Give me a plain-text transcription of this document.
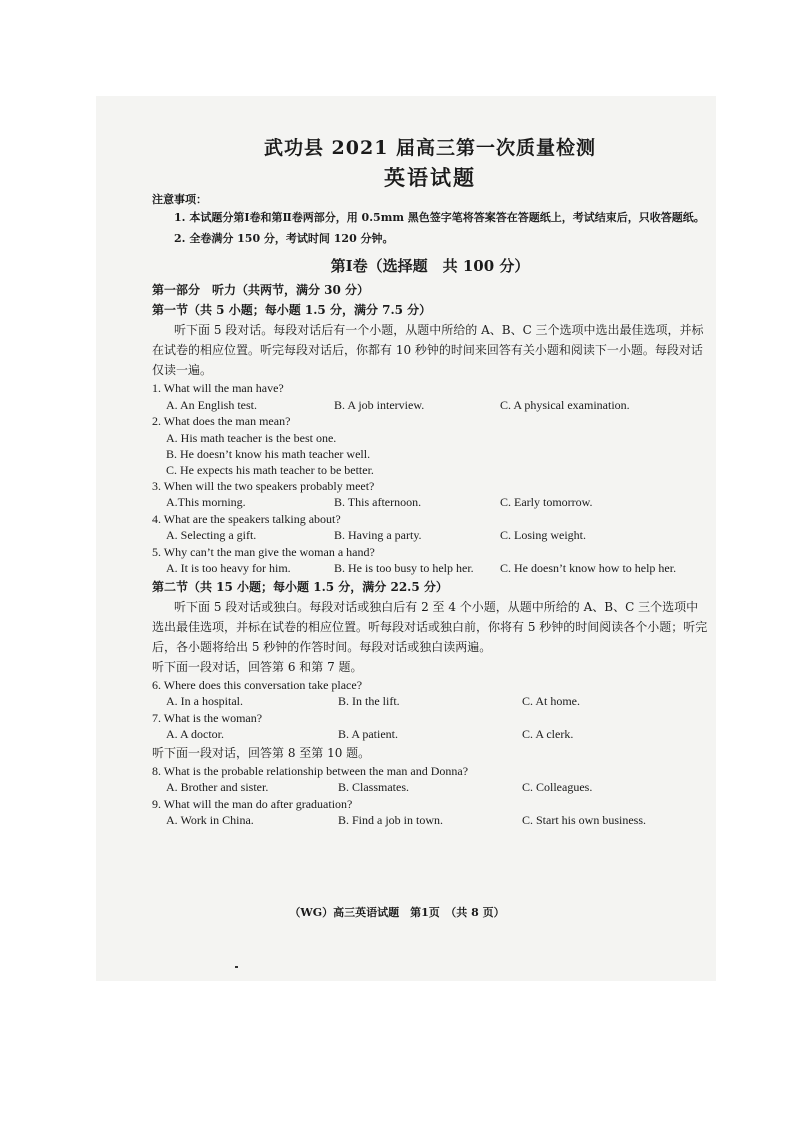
武功县 2021 届高三第一次质量检测
英语试题
注意事项：
1. 本试题分第Ⅰ卷和第Ⅱ卷两部分，用 0.5mm 黑色签字笔将答案答在答题纸上，考试结束后，只收答题纸。
2. 全卷满分 150 分，考试时间 120 分钟。
第Ⅰ卷（选择题　共 100 分）
第一部分　听力（共两节，满分 30 分）
第一节（共 5 小题；每小题 1.5 分，满分 7.5 分）
听下面 5 段对话。每段对话后有一个小题，从题中所给的 A、B、C 三个选项中选出最佳选项，并标在试卷的相应位置。听完每段对话后，你都有 10 秒钟的时间来回答有关小题和阅读下一小题。每段对话仅读一遍。
1. What will the man have?
A. An English test.	B. A job interview.	C. A physical examination.
2. What does the man mean?
A. His math teacher is the best one.
B. He doesn’t know his math teacher well.
C. He expects his math teacher to be better.
3. When will the two speakers probably meet?
A.This morning.	B. This afternoon.	C. Early tomorrow.
4. What are the speakers talking about?
A. Selecting a gift.	B. Having a party.	C. Losing weight.
5. Why can’t the man give the woman a hand?
A. It is too heavy for him.	B. He is too busy to help her.	C. He doesn’t know how to help her.
第二节（共 15 小题；每小题 1.5 分，满分 22.5 分）
听下面 5 段对话或独白。每段对话或独白后有 2 至 4 个小题，从题中所给的 A、B、C 三个选项中选出最佳选项，并标在试卷的相应位置。听每段对话或独白前，你将有 5 秒钟的时间阅读各个小题；听完后，各小题将给出 5 秒钟的作答时间。每段对话或独白读两遍。
听下面一段对话，回答第 6 和第 7 题。
6. Where does this conversation take place?
A. In a hospital.	B. In the lift.	C. At home.
7. What is the woman?
A. A doctor.	B. A patient.	C. A clerk.
听下面一段对话，回答第 8 至第 10 题。
8. What is the probable relationship between the man and Donna?
A. Brother and sister.	B. Classmates.	C. Colleagues.
9. What will the man do after graduation?
A. Work in China.	B. Find a job in town.	C. Start his own business.
（WG）高三英语试题　第1页　（共 8 页）
